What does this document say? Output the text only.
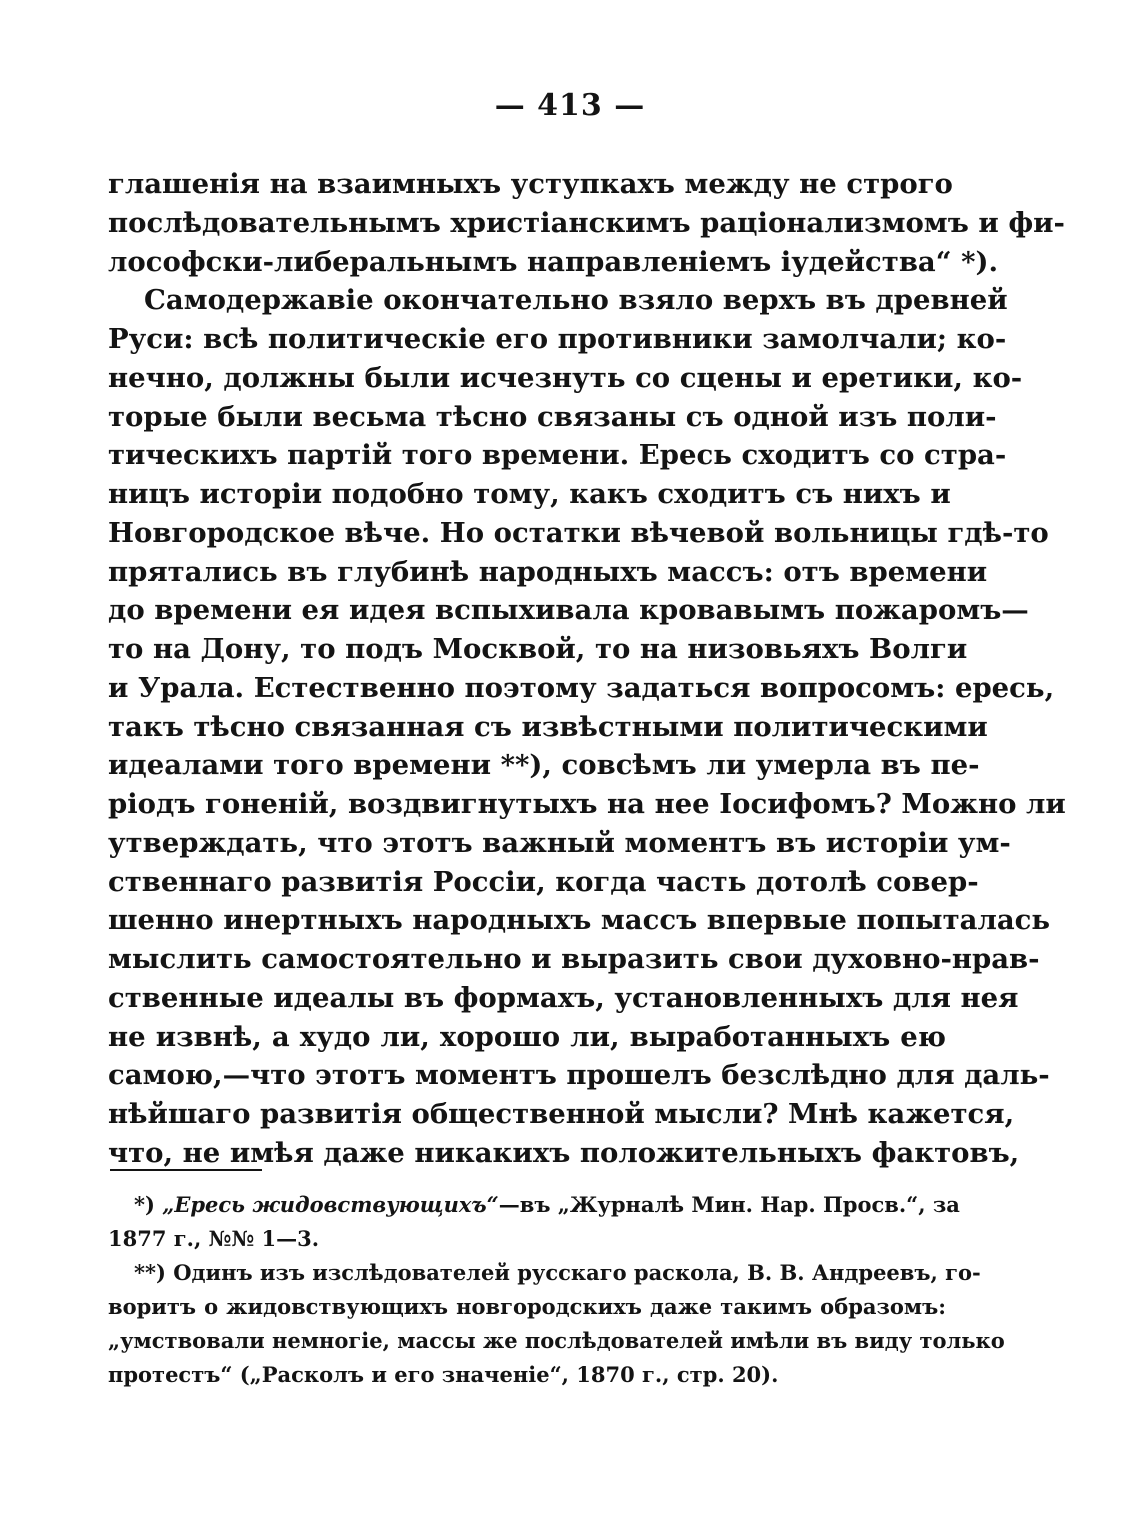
— 413 —
глашенія на взаимныхъ уступкахъ между не строго
послѣдовательнымъ христіанскимъ раціонализмомъ и фи-
лософски-либеральнымъ направленіемъ іудейства“ *).
Самодержавіе окончательно взяло верхъ въ древней
Руси: всѣ политическіе его противники замолчали; ко-
нечно, должны были исчезнуть со сцены и еретики, ко-
торые были весьма тѣсно связаны съ одной изъ поли-
тическихъ партій того времени. Ересь сходитъ со стра-
ницъ исторіи подобно тому, какъ сходитъ съ нихъ и
Новгородское вѣче. Но остатки вѣчевой вольницы гдѣ-то
прятались въ глубинѣ народныхъ массъ: отъ времени
до времени ея идея вспыхивала кровавымъ пожаромъ—
то на Дону, то подъ Москвой, то на низовьяхъ Волги
и Урала. Естественно поэтому задаться вопросомъ: ересь,
такъ тѣсно связанная съ извѣстными политическими
идеалами того времени **), совсѣмъ ли умерла въ пе-
ріодъ гоненій, воздвигнутыхъ на нее Іосифомъ? Можно ли
утверждать, что этотъ важный моментъ въ исторіи ум-
ственнаго развитія Россіи, когда часть дотолѣ совер-
шенно инертныхъ народныхъ массъ впервые попыталась
мыслить самостоятельно и выразить свои духовно-нрав-
ственные идеалы въ формахъ, установленныхъ для нея
не извнѣ, а худо ли, хорошо ли, выработанныхъ ею
самою,—что этотъ моментъ прошелъ безслѣдно для даль-
нѣйшаго развитія общественной мысли? Мнѣ кажется,
что, не имѣя даже никакихъ положительныхъ фактовъ,
*) „Ересь жидовствующихъ“—въ „Журналѣ Мин. Нар. Просв.“, за
1877 г., №№ 1—3.
**) Одинъ изъ изслѣдователей русскаго раскола, В. В. Андреевъ, го-
воритъ о жидовствующихъ новгородскихъ даже такимъ образомъ:
„умствовали немногіе, массы же послѣдователей имѣли въ виду только
протестъ“ („Расколъ и его значеніе“, 1870 г., стр. 20).
